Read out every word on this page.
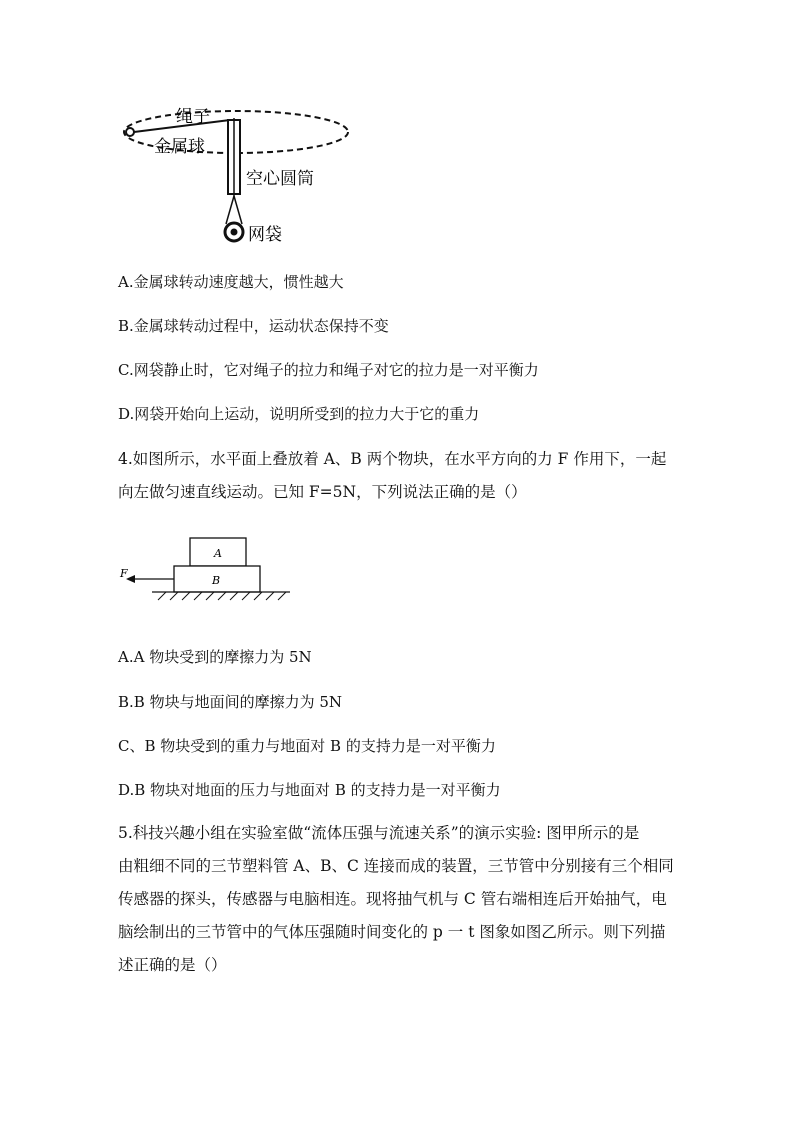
绳子
金属球
空心圆筒
网袋
A.金属球转动速度越大，惯性越大
B.金属球转动过程中，运动状态保持不变
C.网袋静止时，它对绳子的拉力和绳子对它的拉力是一对平衡力
D.网袋开始向上运动，说明所受到的拉力大于它的重力
4.如图所示，水平面上叠放着 A、B 两个物块，在水平方向的力 F 作用下，一起
向左做匀速直线运动。已知 F=5N，下列说法正确的是（）
A
B
F
A.A 物块受到的摩擦力为 5N
B.B 物块与地面间的摩擦力为 5N
C、B 物块受到的重力与地面对 B 的支持力是一对平衡力
D.B 物块对地面的压力与地面对 B 的支持力是一对平衡力
5.科技兴趣小组在实验室做“流体压强与流速关系”的演示实验: 图甲所示的是
由粗细不同的三节塑料管 A、B、C 连接而成的装置，三节管中分别接有三个相同
传感器的探头，传感器与电脑相连。现将抽气机与 C 管右端相连后开始抽气，电
脑绘制出的三节管中的气体压强随时间变化的 p 一 t 图象如图乙所示。则下列描
述正确的是（）
